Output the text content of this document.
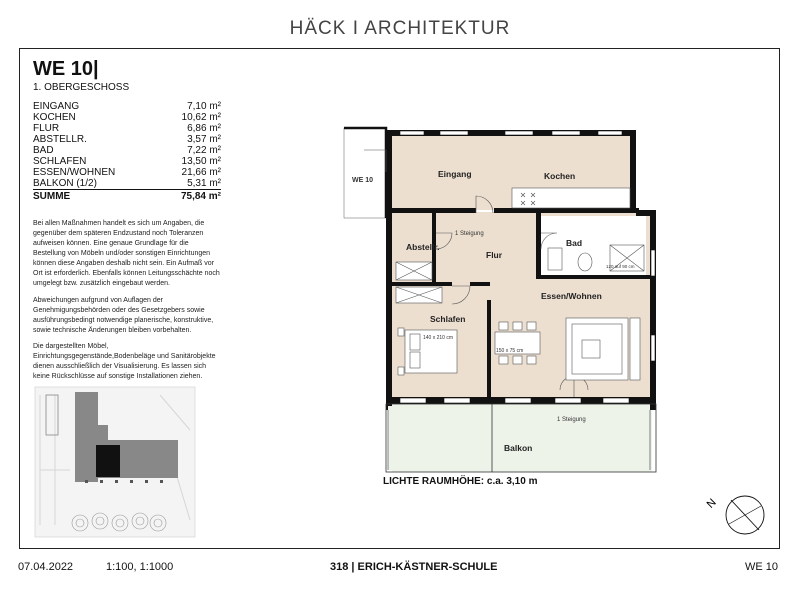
HÄCK I ARCHITEKTUR
WE 10|
1. OBERGESCHOSS
EINGANG	7,10 m²
KOCHEN	10,62 m²
FLUR	6,86 m²
ABSTELLR.	3,57 m²
BAD	7,22 m²
SCHLAFEN	13,50 m²
ESSEN/WOHNEN	21,66 m²
BALKON (1/2)	5,31 m²
SUMME	75,84 m²
Bei allen Maßnahmen handelt es sich um Angaben, die gegenüber dem späteren Endzustand noch Toleranzen aufweisen können. Eine genaue Grundlage für die Bestellung von Möbeln und/oder sonstigen Einrichtungen können diese Angaben deshalb nicht sein. Ein Aufmaß vor Ort ist erforderlich. Ebenfalls können Leitungsschächte noch umgelegt bzw. zusätzlich eingebaut werden.
Abweichungen aufgrund von Auflagen der Genehmigungsbehörden oder des Gesetzgebers sowie ausführungsbedingt notwendige planerische, konstruktive, sowie technische Änderungen bleiben vorbehalten.
Die dargestellten Möbel, Einrichtungsgegenstände,Bodenbeläge und Sanitärobjekte dienen ausschließlich der Visualisierung. Es lassen sich keine Rückschlüsse auf sonstige Installationen ziehen.
WE 10
Eingang	Kochen
Abstellr.
Flur
Bad
Essen/Wohnen
Schlafen
Balkon
1 Steigung
1 Steigung
140 x 210 cm
150 x 75 cm
120 auf 90 cm
N
LICHTE RAUMHÖHE: c.a. 3,10 m
07.04.2022	1:100, 1:1000	318 | ERICH-KÄSTNER-SCHULE	WE 10
